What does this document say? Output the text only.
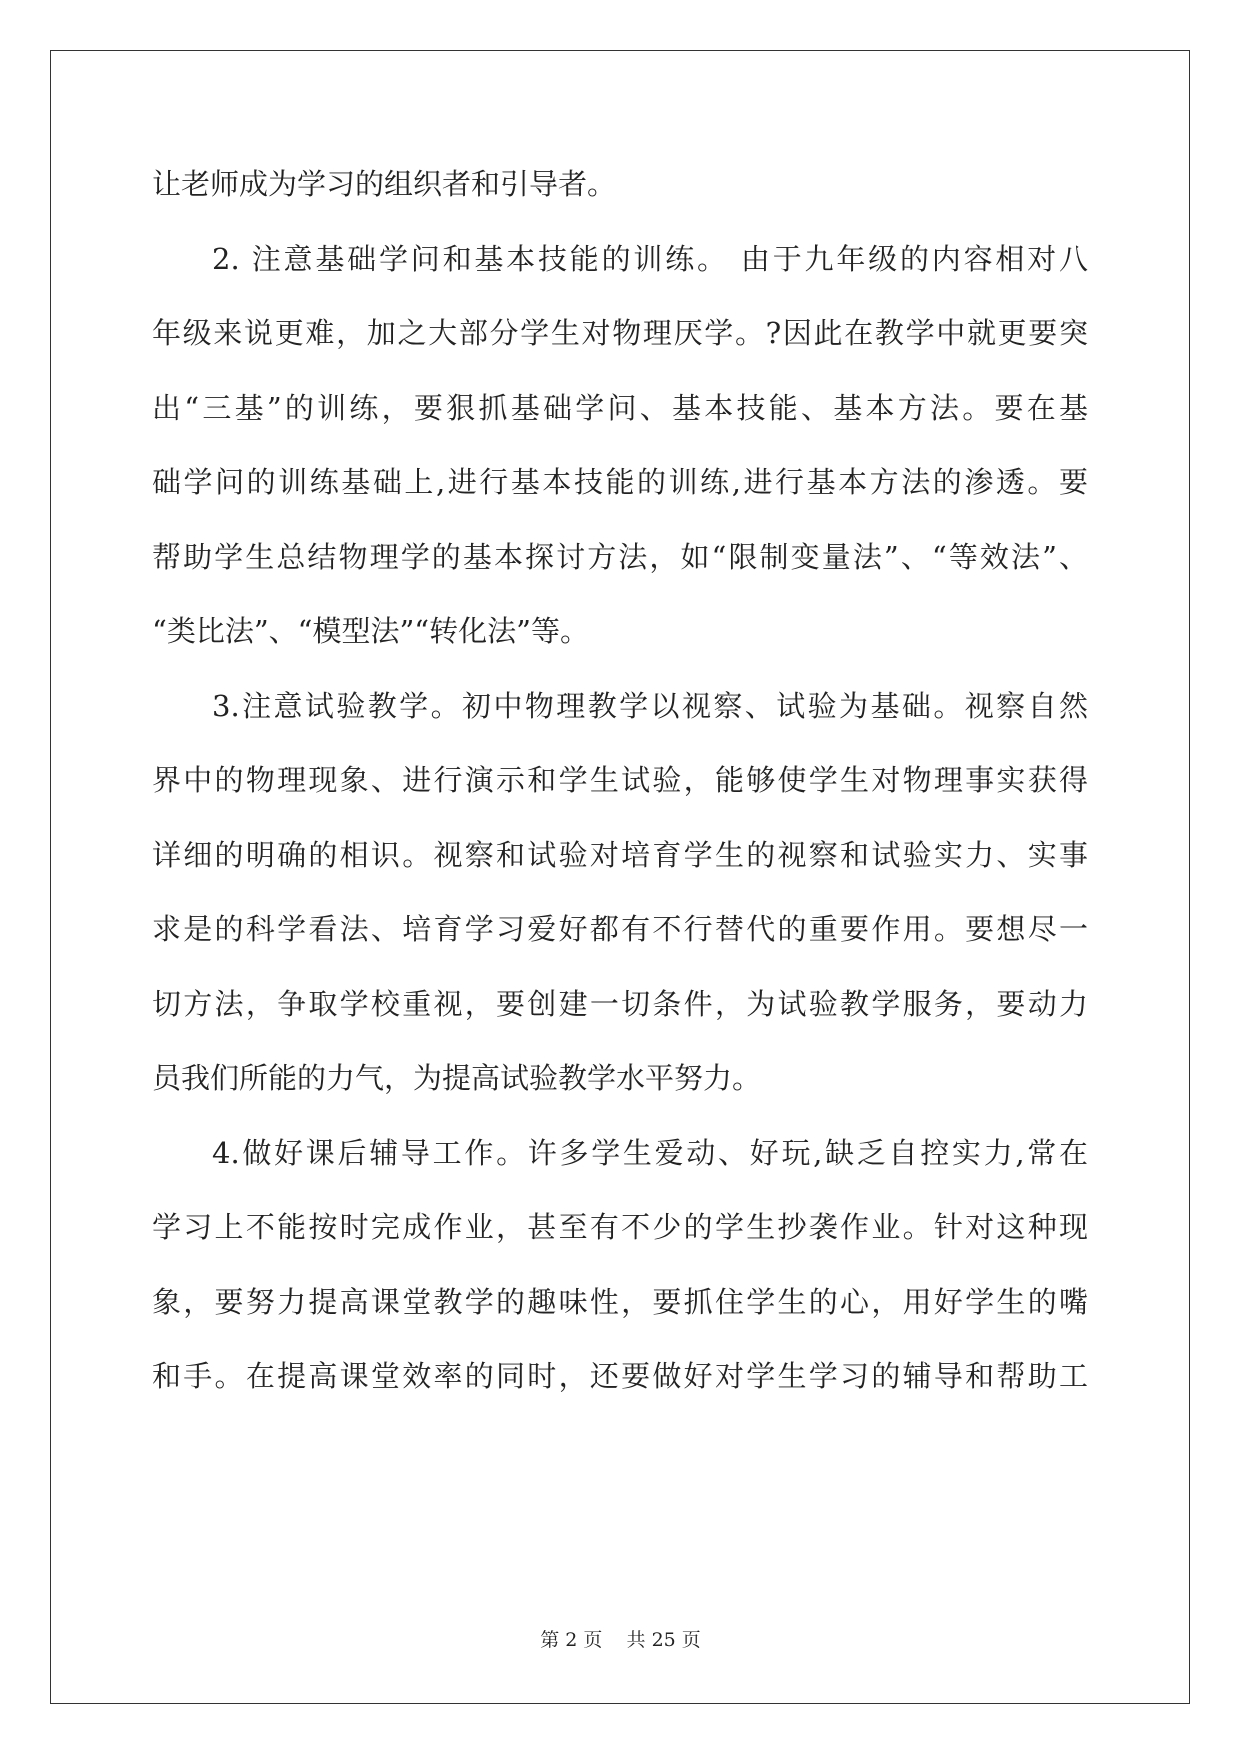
让老师成为学习的组织者和引导者。
2. 注意基础学问和基本技能的训练。 由于九年级的内容相对八
年级来说更难，加之大部分学生对物理厌学。?因此在教学中就更要突
出“三基”的训练，要狠抓基础学问、基本技能、基本方法。要在基
础学问的训练基础上,进行基本技能的训练,进行基本方法的渗透。要
帮助学生总结物理学的基本探讨方法，如“限制变量法”、“等效法”、
“类比法”、“模型法”“转化法”等。
3.注意试验教学。初中物理教学以视察、试验为基础。视察自然
界中的物理现象、进行演示和学生试验，能够使学生对物理事实获得
详细的明确的相识。视察和试验对培育学生的视察和试验实力、实事
求是的科学看法、培育学习爱好都有不行替代的重要作用。要想尽一
切方法，争取学校重视，要创建一切条件，为试验教学服务，要动力
员我们所能的力气，为提高试验教学水平努力。
4.做好课后辅导工作。许多学生爱动、好玩,缺乏自控实力,常在
学习上不能按时完成作业，甚至有不少的学生抄袭作业。针对这种现
象，要努力提高课堂教学的趣味性，要抓住学生的心，用好学生的嘴
和手。在提高课堂效率的同时，还要做好对学生学习的辅导和帮助工
第 2 页    共 25 页
